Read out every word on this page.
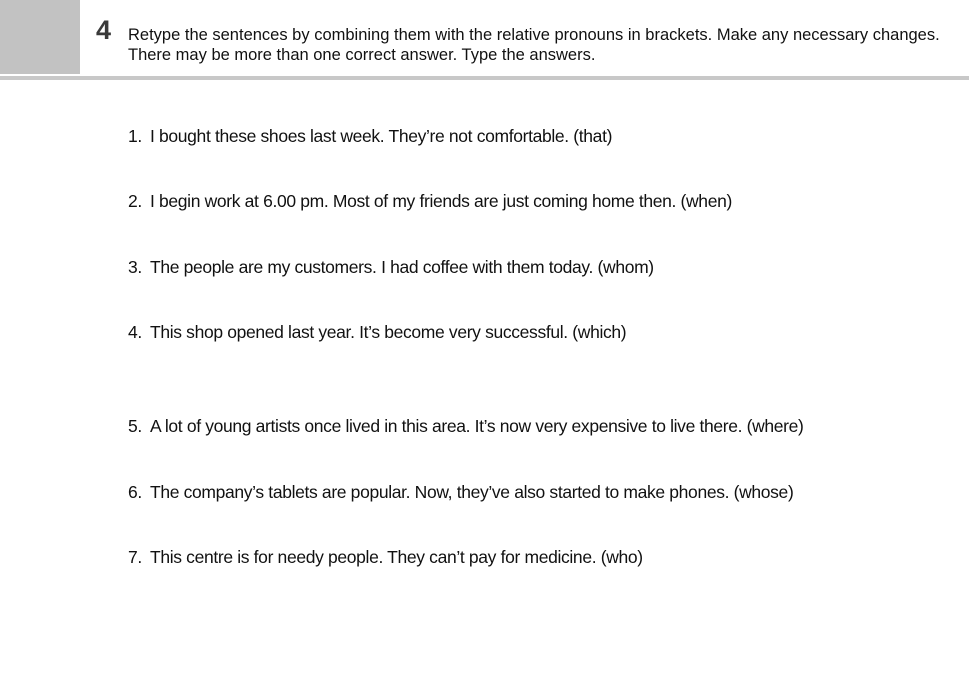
4 Retype the sentences by combining them with the relative pronouns in brackets. Make any necessary changes. There may be more than one correct answer. Type the answers.
1. I bought these shoes last week. They’re not comfortable. (that)
2. I begin work at 6.00 pm. Most of my friends are just coming home then. (when)
3. The people are my customers. I had coffee with them today. (whom)
4. This shop opened last year. It’s become very successful. (which)
5. A lot of young artists once lived in this area. It’s now very expensive to live there. (where)
6. The company’s tablets are popular. Now, they’ve also started to make phones. (whose)
7. This centre is for needy people. They can’t pay for medicine. (who)
